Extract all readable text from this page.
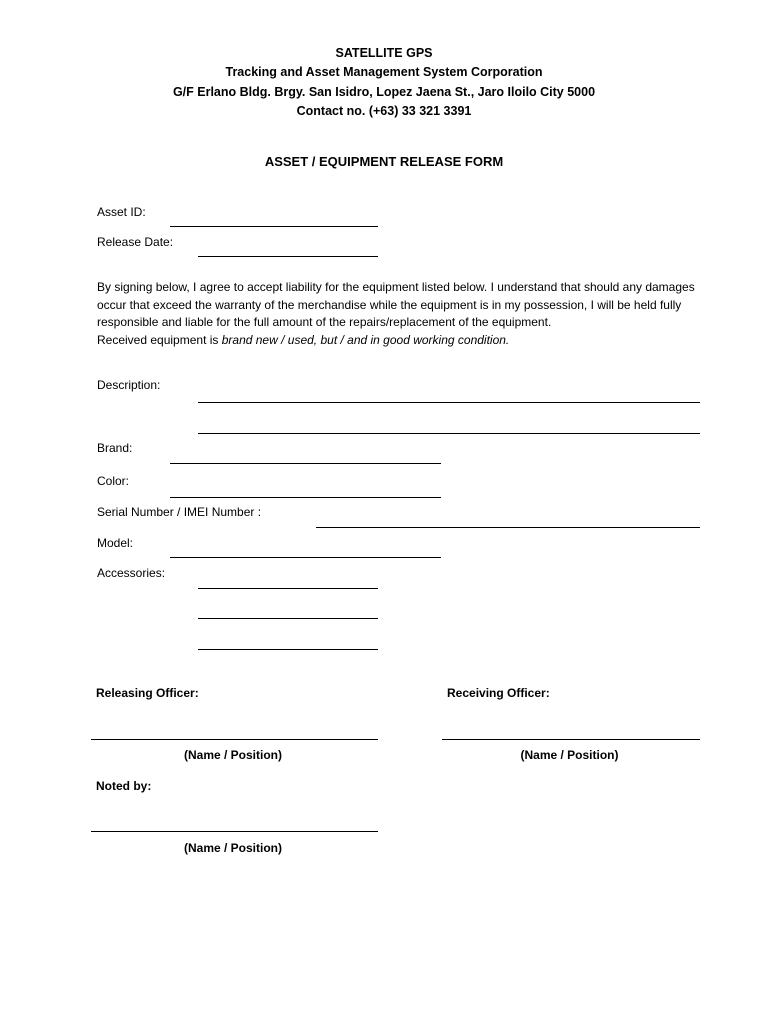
SATELLITE GPS
Tracking and Asset Management System Corporation
G/F Erlano Bldg. Brgy. San Isidro, Lopez Jaena St., Jaro Iloilo City 5000
Contact no. (+63) 33 321 3391
ASSET / EQUIPMENT RELEASE FORM
Asset ID:
Release Date:
By signing below, I agree to accept liability for the equipment listed below. I understand that should any damages occur that exceed the warranty of the merchandise while the equipment is in my possession, I will be held fully responsible and liable for the full amount of the repairs/replacement of the equipment.
Received equipment is brand new / used, but / and in good working condition.
Description:
Brand:
Color:
Serial Number / IMEI Number :
Model:
Accessories:
Releasing Officer:	Receiving Officer:
(Name / Position)	(Name / Position)
Noted by:
(Name / Position)
